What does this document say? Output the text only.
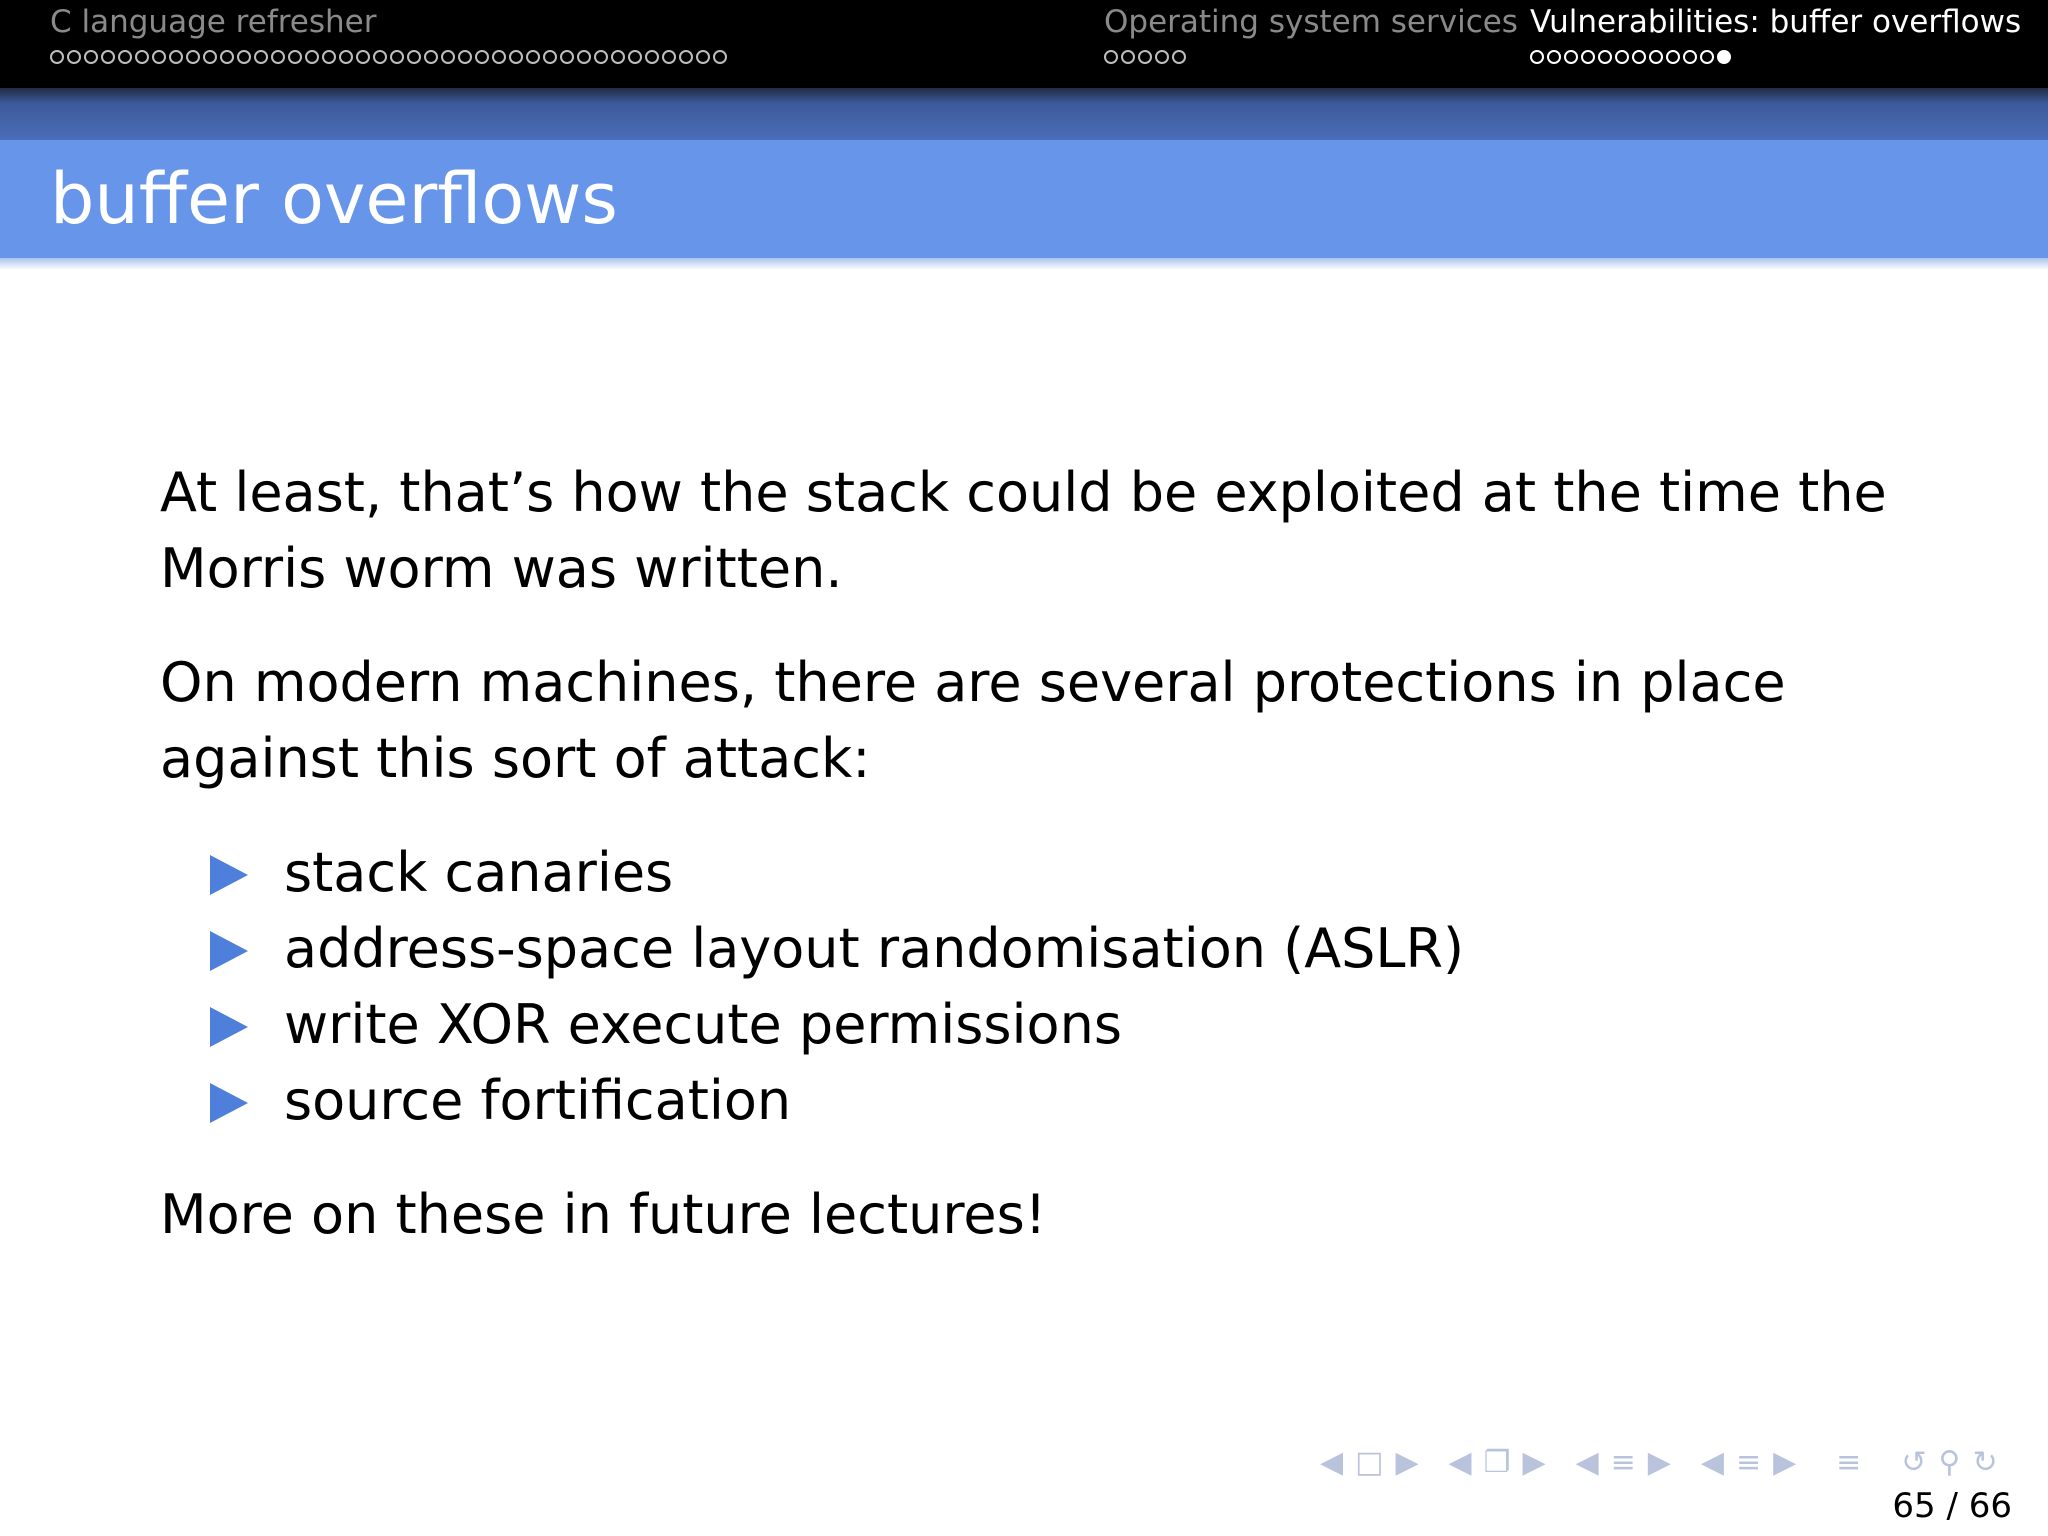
C language refresher	Operating system services Vulnerabilities: buffer overflows
buffer overflows

At least, that’s how the stack could be exploited at the time the Morris worm was written.

On modern machines, there are several protections in place against this sort of attack:

stack canaries
address-space layout randomisation (ASLR)
write XOR execute permissions
source fortification

More on these in future lectures!

◀ □ ▶ ◀ ❐ ▶ ◀ ≡ ▶ ◀ ≡ ▶ ≡ ↺ ⚲ ↻
65 / 66
